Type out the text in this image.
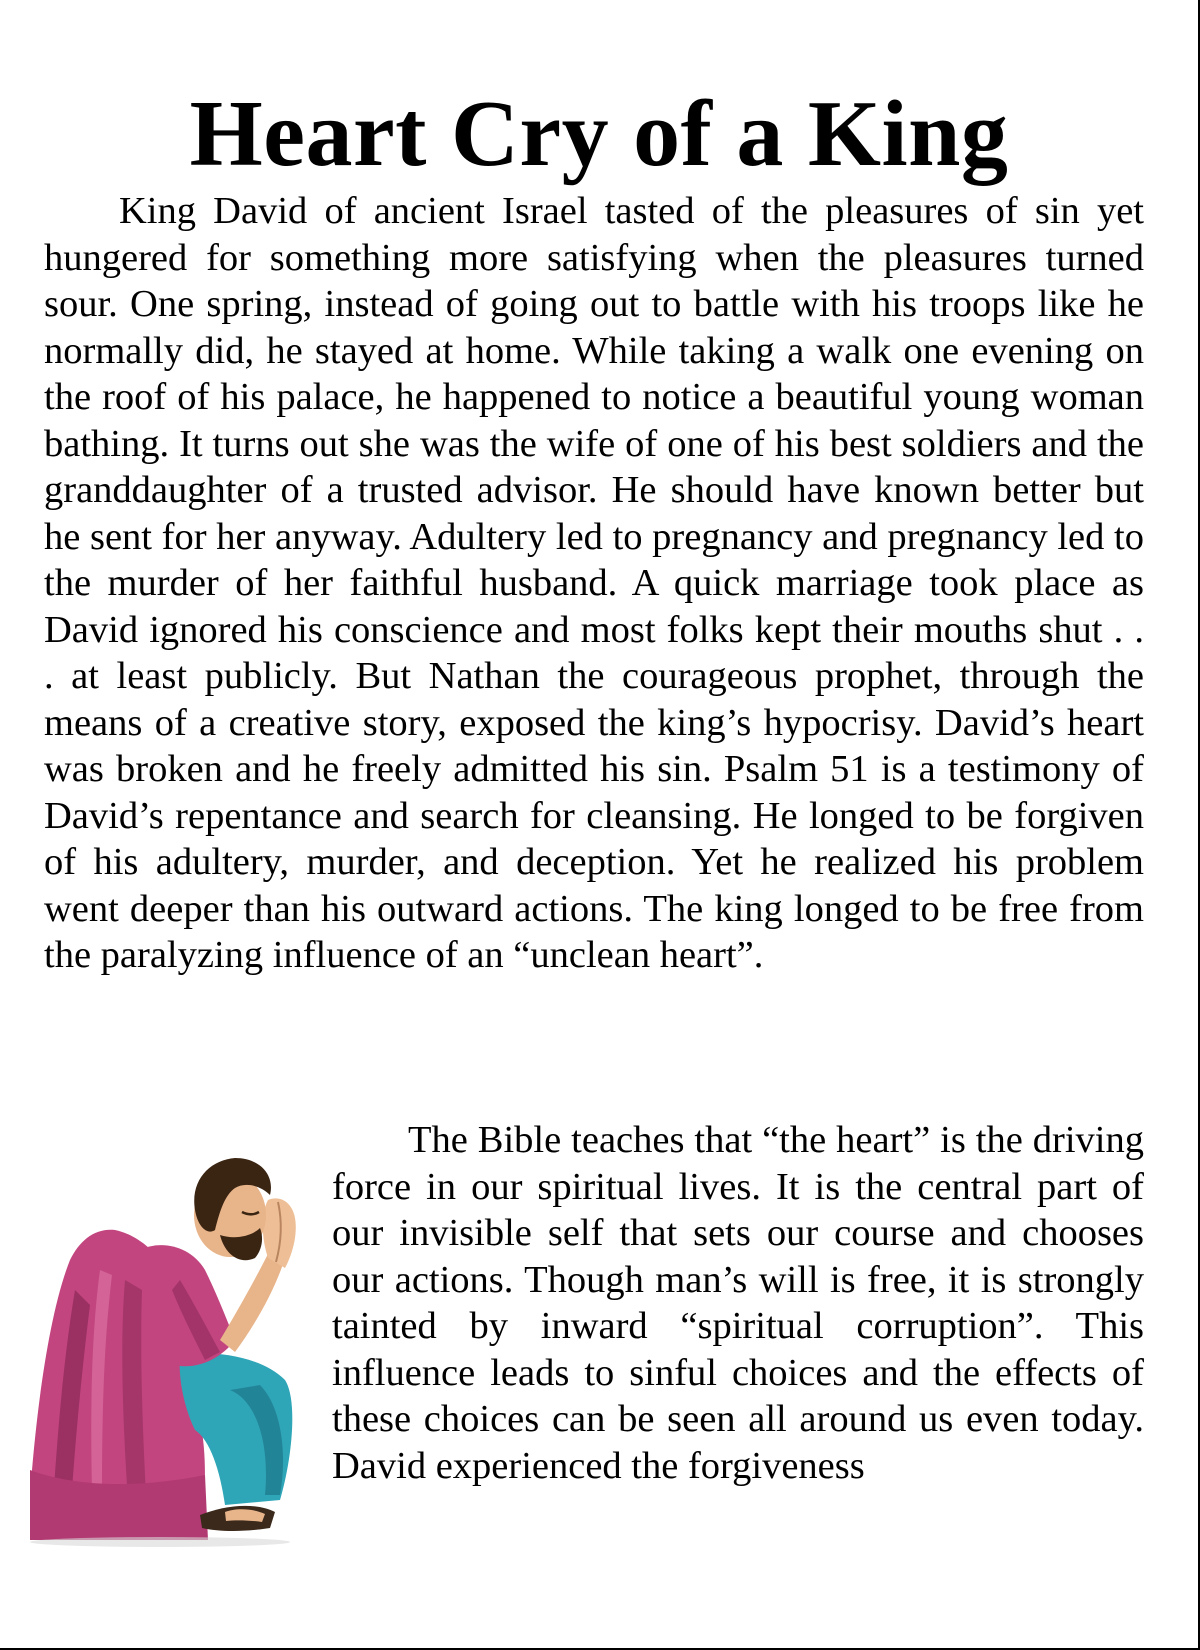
Heart Cry of a King

King David of ancient Israel tasted of the pleasures of sin yet hungered for something more satisfying when the pleasures turned sour. One spring, instead of going out to battle with his troops like he normally did, he stayed at home. While taking a walk one evening on the roof of his palace, he happened to notice a beautiful young woman bathing. It turns out she was the wife of one of his best soldiers and the granddaughter of a trusted advisor. He should have known better but he sent for her anyway. Adultery led to pregnancy and pregnancy led to the murder of her faithful husband. A quick marriage took place as David ignored his conscience and most folks kept their mouths shut . . . at least publicly. But Nathan the courageous prophet, through the means of a creative story, exposed the king’s hypocrisy. David’s heart was broken and he freely admitted his sin. Psalm 51 is a testimony of David’s repentance and search for cleansing. He longed to be forgiven of his adultery, murder, and deception. Yet he realized his problem went deeper than his outward actions. The king longed to be free from the paralyzing influence of an “unclean heart”.

The Bible teaches that “the heart” is the driving force in our spiritual lives. It is the central part of our invisible self that sets our course and chooses our actions. Though man’s will is free, it is strongly tainted by inward “spiritual corruption”. This influence leads to sinful choices and the effects of these choices can be seen all around us even today. David experienced the forgiveness
